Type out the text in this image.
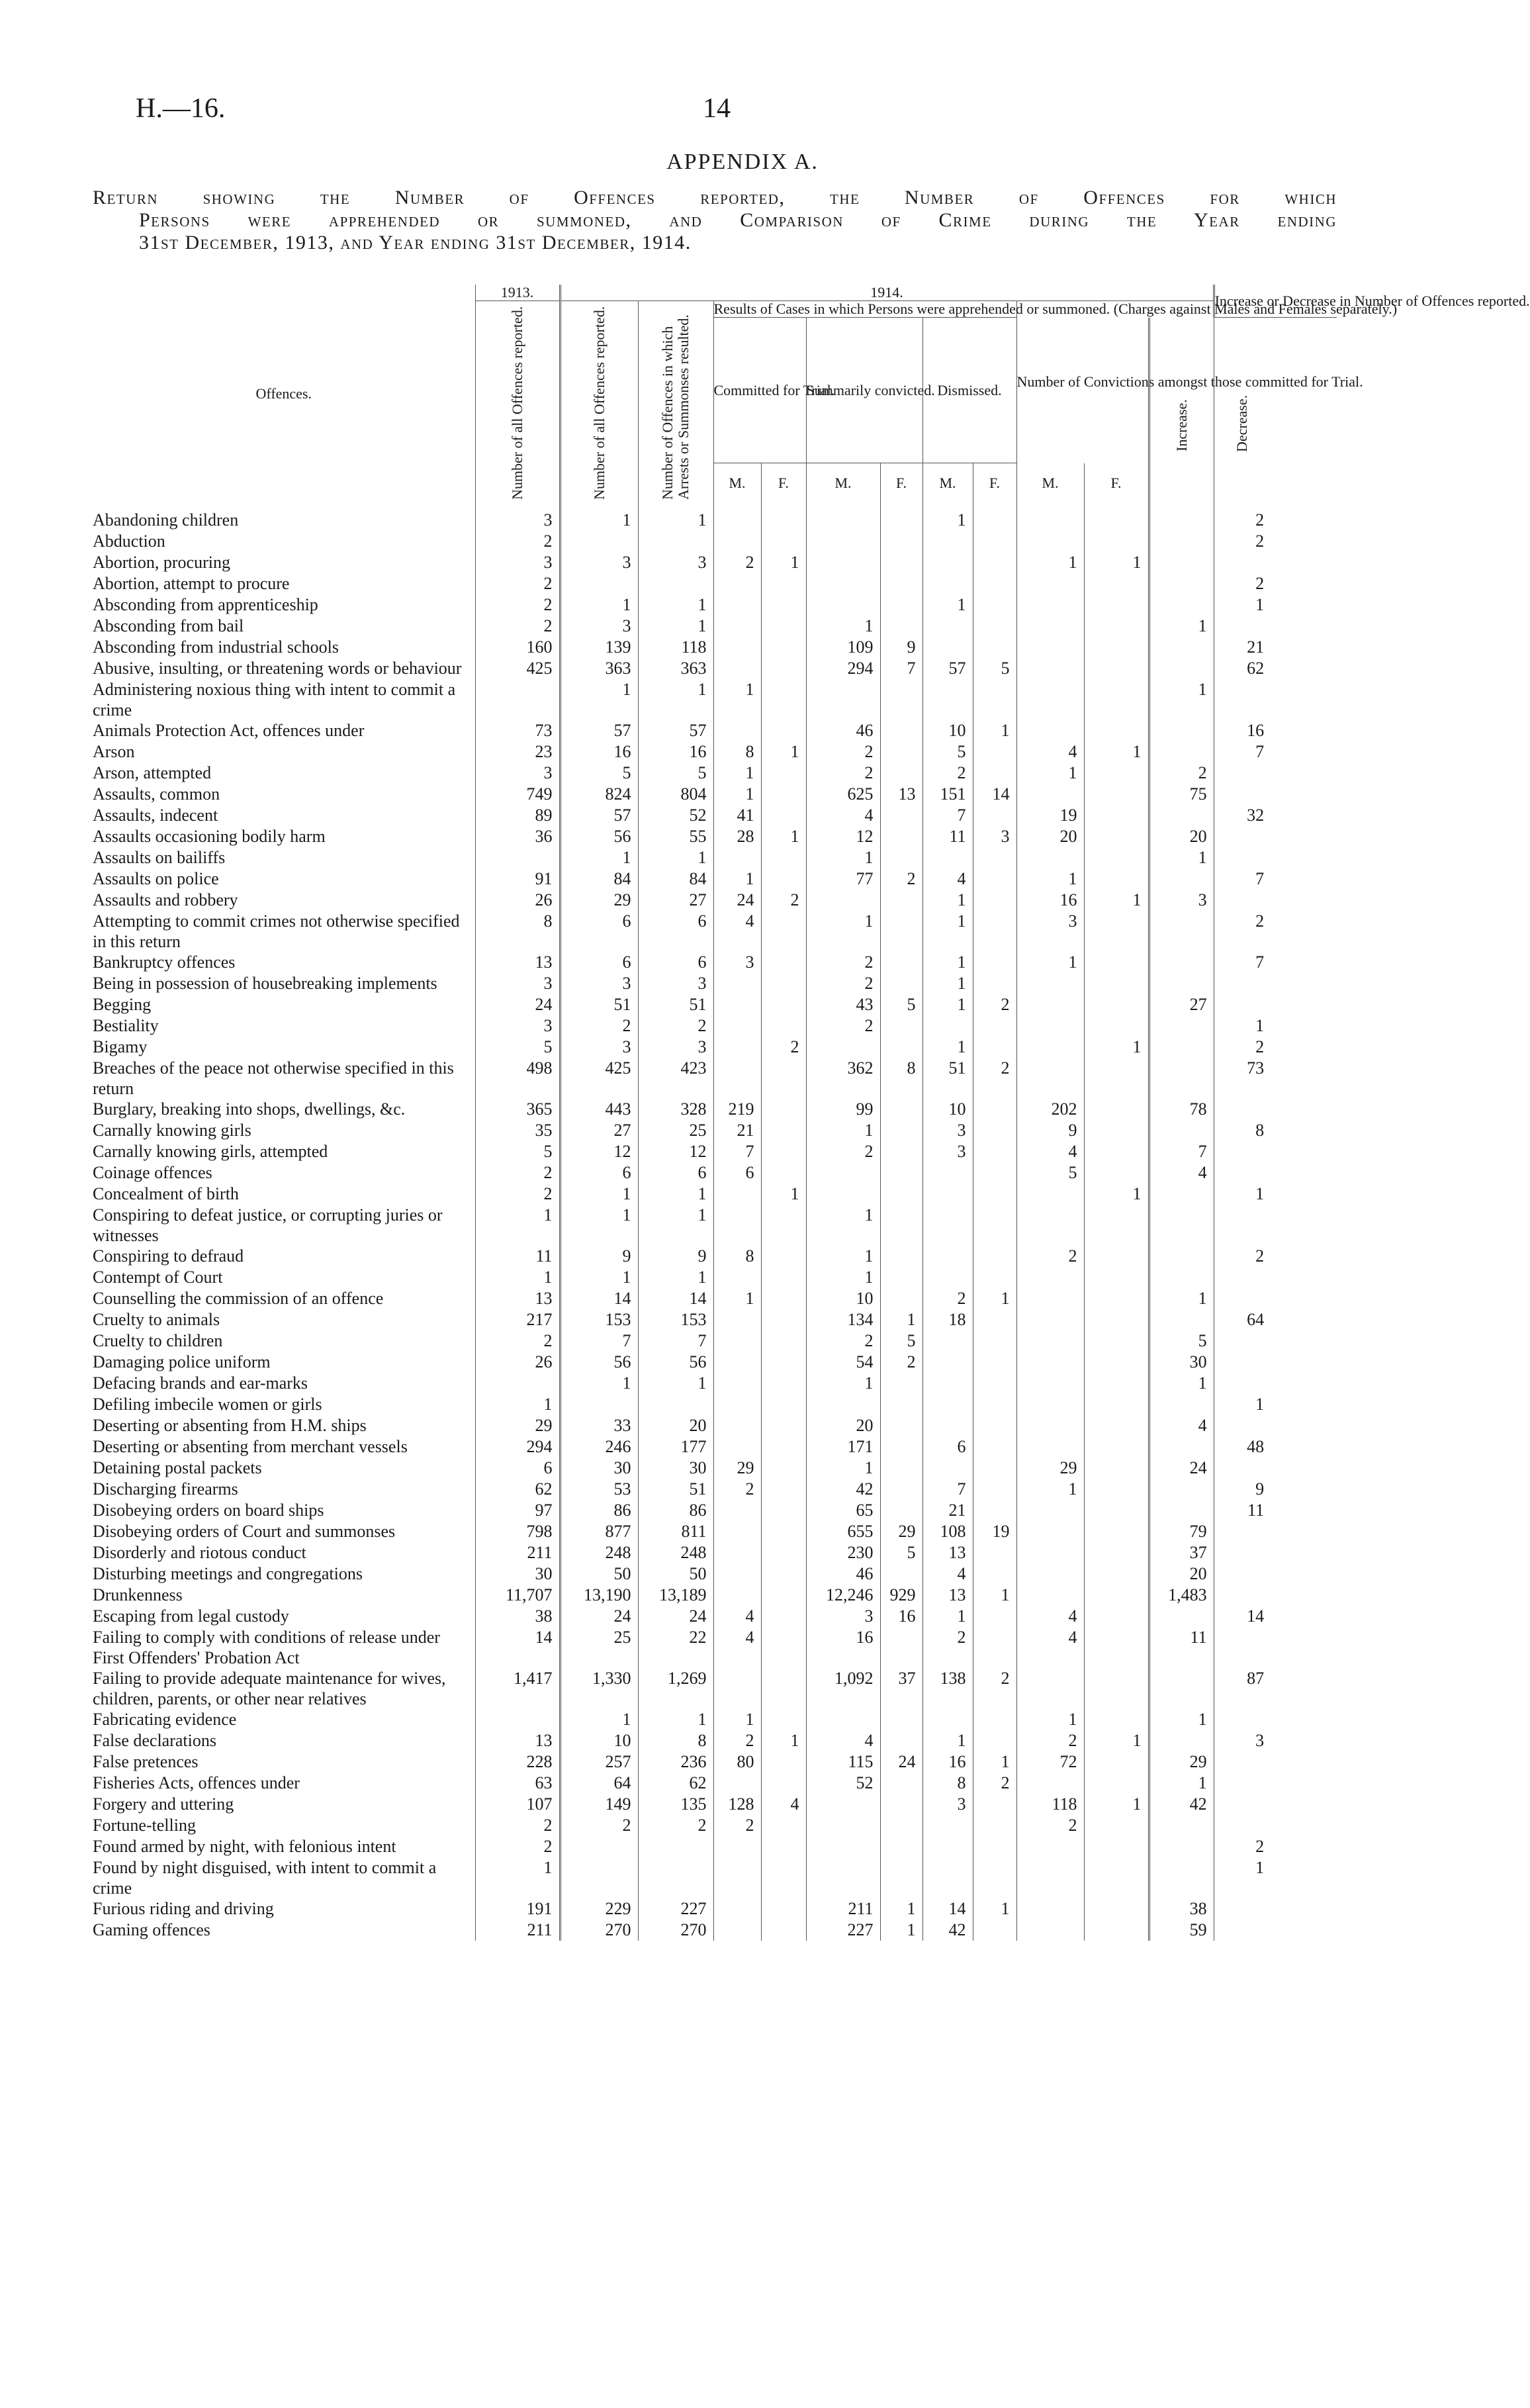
H.—16.	14
APPENDIX A.

Return showing the Number of Offences reported, the Number of Offences for which

Persons were apprehended or summoned, and Comparison of Crime during the Year ending

31st December, 1913, and Year ending 31st December, 1914.

Offences.	1913.	1914.											Increase or Decrease in Number of Offences reported.
	Number of all Offences reported.	Number of all Offences reported.	Number of Offences in which Arrests or Summonses resulted.	Results of Cases in which Persons were apprehended or summoned. (Charges against Males and Females separately.)						Number of Convictions amongst those committed for Trial.			
				Committed for Trial.		Summarily convicted.		Dismissed.				Increase.	Decrease.
				M.	F.	M.	F.	M.	F.	M.	F.		
Abandoning children	3	1	1					1					2
Abduction	2												2
Abortion, procuring	3	3	3	2	1					1	1		
Abortion, attempt to procure	2												2
Absconding from apprenticeship	2	1	1					1					1
Absconding from bail	2	3	1			1						1	
Absconding from industrial schools	160	139	118			109	9						21
Abusive, insulting, or threatening words or behaviour	425	363	363			294	7	57	5				62
Administering noxious thing with intent to commit a crime		1	1	1								1	
Animals Protection Act, offences under	73	57	57			46		10	1				16
Arson	23	16	16	8	1	2		5		4	1		7
Arson, attempted	3	5	5	1		2		2		1		2	
Assaults, common	749	824	804	1		625	13	151	14			75	
Assaults, indecent	89	57	52	41		4		7		19			32
Assaults occasioning bodily harm	36	56	55	28	1	12		11	3	20		20	
Assaults on bailiffs		1	1			1						1	
Assaults on police	91	84	84	1		77	2	4		1			7
Assaults and robbery	26	29	27	24	2			1		16	1	3	
Attempting to commit crimes not otherwise specified in this return	8	6	6	4		1		1		3			2
Bankruptcy offences	13	6	6	3		2		1		1			7
Being in possession of housebreaking implements	3	3	3			2		1					
Begging	24	51	51			43	5	1	2			27	
Bestiality	3	2	2			2							1
Bigamy	5	3	3		2			1			1		2
Breaches of the peace not otherwise specified in this return	498	425	423			362	8	51	2				73
Burglary, breaking into shops, dwellings, &c.	365	443	328	219		99		10		202		78	
Carnally knowing girls	35	27	25	21		1		3		9			8
Carnally knowing girls, attempted	5	12	12	7		2		3		4		7	
Coinage offences	2	6	6	6						5		4	
Concealment of birth	2	1	1		1						1		1
Conspiring to defeat justice, or corrupting juries or witnesses	1	1	1			1							
Conspiring to defraud	11	9	9	8		1				2			2
Contempt of Court	1	1	1			1							
Counselling the commission of an offence	13	14	14	1		10		2	1			1	
Cruelty to animals	217	153	153			134	1	18					64
Cruelty to children	2	7	7			2	5					5	
Damaging police uniform	26	56	56			54	2					30	
Defacing brands and ear-marks		1	1			1						1	
Defiling imbecile women or girls	1												1
Deserting or absenting from H.M. ships	29	33	20			20						4	
Deserting or absenting from merchant vessels	294	246	177			171		6					48
Detaining postal packets	6	30	30	29		1				29		24	
Discharging firearms	62	53	51	2		42		7		1			9
Disobeying orders on board ships	97	86	86			65		21					11
Disobeying orders of Court and summonses	798	877	811			655	29	108	19			79	
Disorderly and riotous conduct	211	248	248			230	5	13				37	
Disturbing meetings and congregations	30	50	50			46		4				20	
Drunkenness	11,707	13,190	13,189			12,246	929	13	1			1,483	
Escaping from legal custody	38	24	24	4		3	16	1		4			14
Failing to comply with conditions of release under First Offenders' Probation Act	14	25	22	4		16		2		4		11	
Failing to provide adequate maintenance for wives, children, parents, or other near relatives	1,417	1,330	1,269			1,092	37	138	2				87
Fabricating evidence		1	1	1						1		1	
False declarations	13	10	8	2	1	4		1		2	1		3
False pretences	228	257	236	80		115	24	16	1	72		29	
Fisheries Acts, offences under	63	64	62			52		8	2			1	
Forgery and uttering	107	149	135	128	4			3		118	1	42	
Fortune-telling	2	2	2	2						2			
Found armed by night, with felonious intent	2												2
Found by night disguised, with intent to commit a crime	1												1
Furious riding and driving	191	229	227			211	1	14	1			38	
Gaming offences	211	270	270			227	1	42				59	
